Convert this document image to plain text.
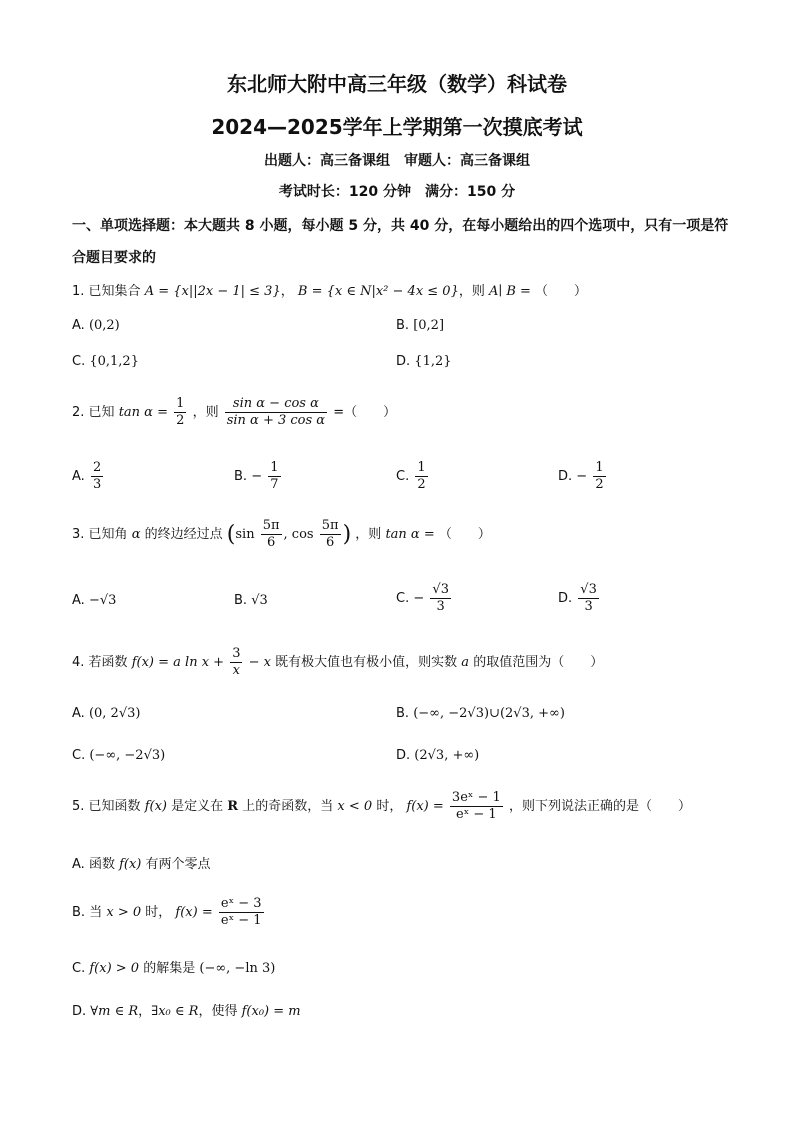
东北师大附中高三年级（数学）科试卷
2024—2025学年上学期第一次摸底考试
出题人：高三备课组　审题人：高三备课组
考试时长：120 分钟　满分：150 分
一、单项选择题：本大题共 8 小题，每小题 5 分，共 40 分，在每小题给出的四个选项中，只有一项是符合题目要求的
1. 已知集合 A = {x||2x − 1| ≤ 3}， B = {x ∈ N|x² − 4x ≤ 0}，则 A∣ B = （　　）
A. (0,2)	B. [0,2]
C. {0,1,2}	D. {1,2}
2. 已知 $\tan \alpha = \frac{1}{2}$ ，则 $\frac{\text{sin α − cos α}}{\text{sin α + 3 cos α}}$ =（　　）
A. $\frac{2}{3}$	B. − $\frac{1}{7}$	C. $\frac{1}{2}$	D. − $\frac{1}{2}$
3. 已知角 α 的终边经过点 ($\sin \frac{5\pi}{6}$ , $\cos \frac{5\pi}{6}$ ) ，则 tan α = （　　）
A. −√3	B. √3	C. − $\frac{√3}{3}$	D. $\frac{√3}{3}$
4. 若函数 f(x) = a $\ln x + \frac{3}{x} - x$ 既有极大值也有极小值，则实数 a 的取值范围为（　　）
A. (0, 2√3)	B. (−∞, −2√3)∪(2√3, +∞)
C. (−∞, −2√3)	D. (2√3, +∞)
5. 已知函数 f(x) 是定义在 R 上的奇函数，当 x < 0 时， $f(x) = \frac{\text{3eˣ − 1}}{\text{eˣ − 1}}$ ，则下列说法正确的是（　　）
A. 函数 f(x) 有两个零点
B. 当 x > 0 时， $f(x) = \frac{\text{eˣ − 3}}{\text{eˣ − 1}}$
C. f(x) > 0 的解集是 (−∞, −ln 3)
D. ∀m ∈ R，∃x₀ ∈ R，使得 f(x₀) = m
